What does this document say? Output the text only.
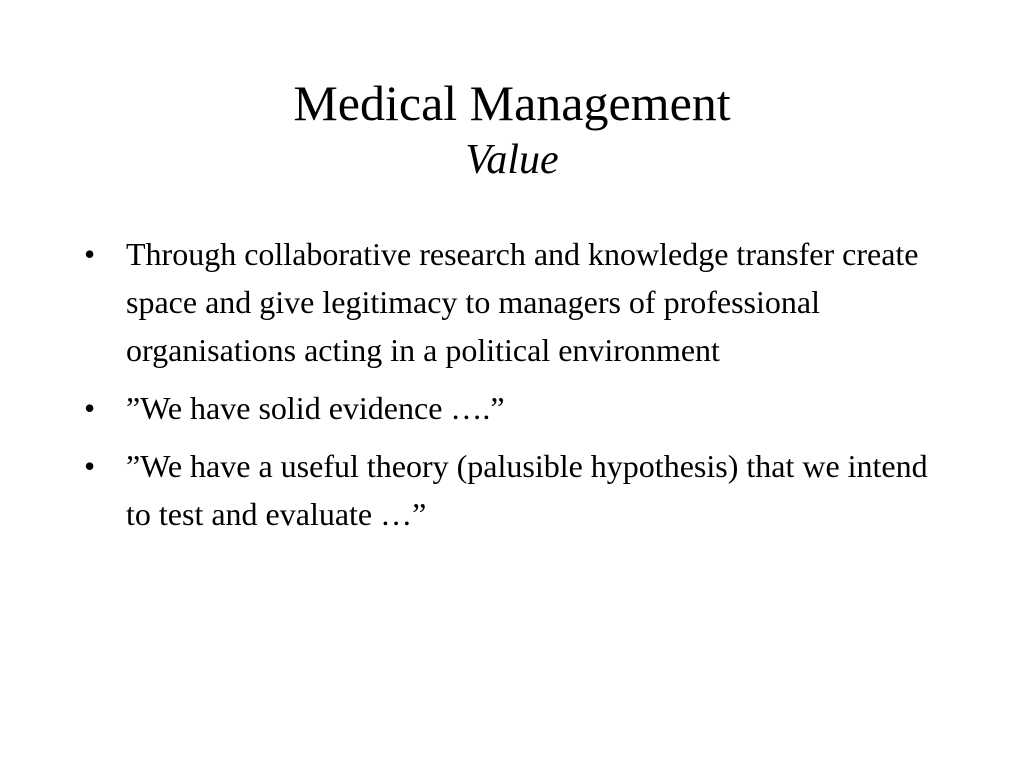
Medical Management
Value
• Through collaborative research and knowledge transfer create space and give legitimacy to managers of professional organisations acting in a political environment
• ”We have solid evidence ….”
• ”We have a useful theory (palusible hypothesis) that we intend to test and evaluate …”
